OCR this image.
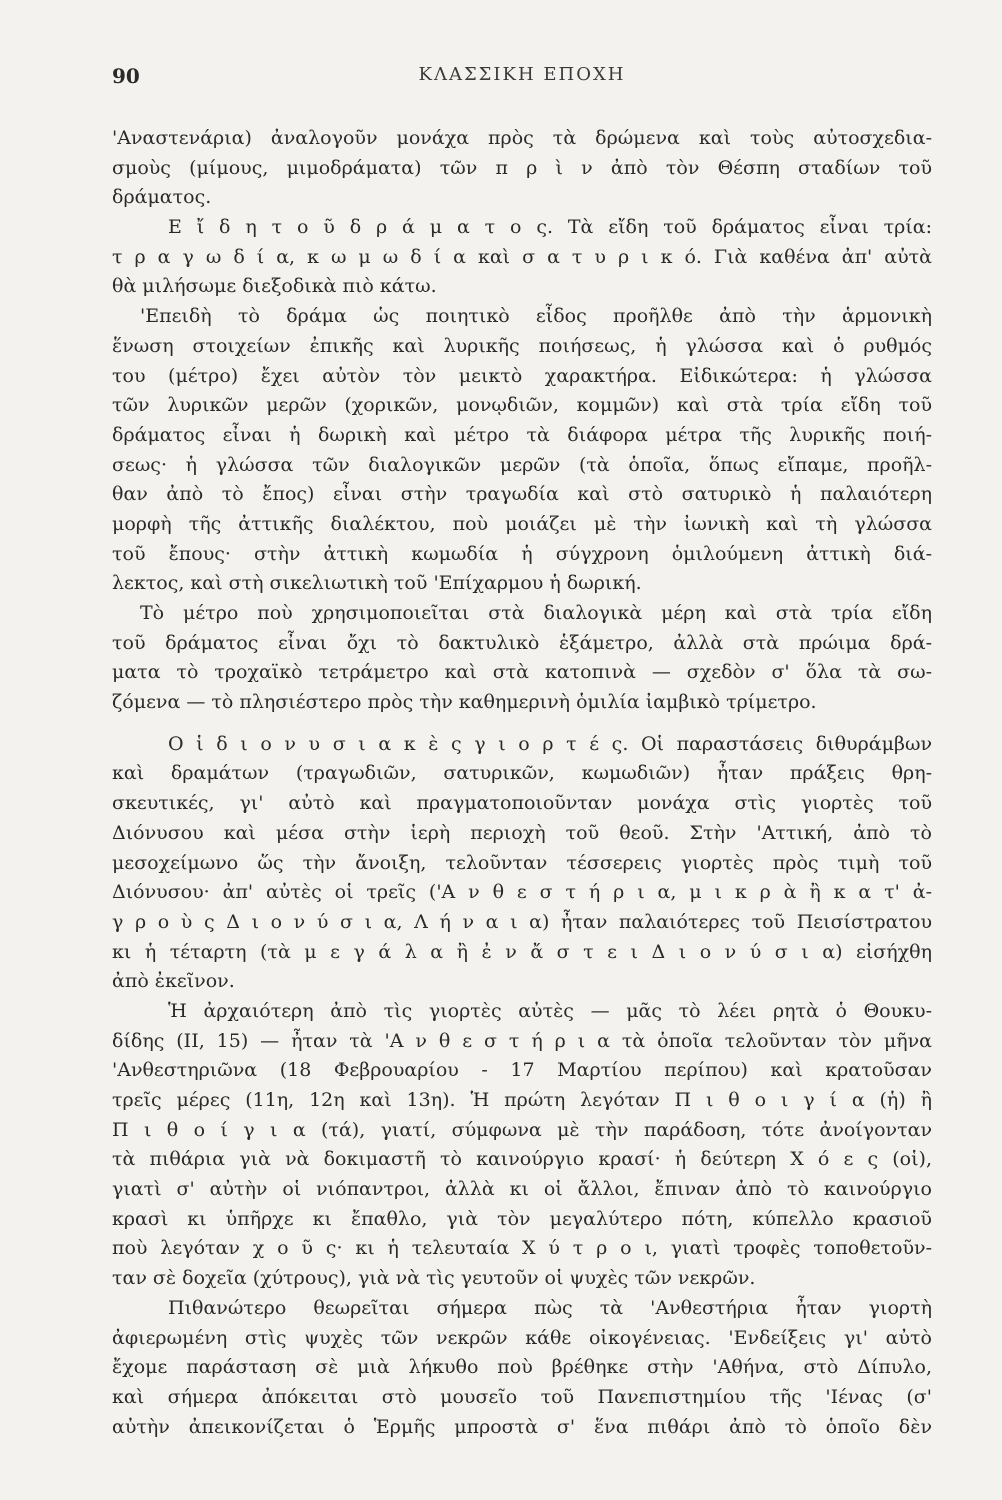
90	ΚΛΑΣΣΙΚΗ ΕΠΟΧΗ
'Αναστενάρια) ἀναλογοῦν μονάχα πρὸς τὰ δρώμενα καὶ τοὺς αὐτοσχεδια-
σμοὺς (μίμους, μιμοδράματα) τῶν π ρ ὶ ν ἀπὸ τὸν Θέσπη σταδίων τοῦ
δράματος.
Ε ἴ δ η τ ο ῦ δ ρ ά μ α τ ο ς. Τὰ εἴδη τοῦ δράματος εἶναι τρία:
τ ρ α γ ω δ ί α, κ ω μ ω δ ί α καὶ σ α τ υ ρ ι κ ό. Γιὰ καθένα ἀπ' αὐτὰ
θὰ μιλήσωμε διεξοδικὰ πιὸ κάτω.
'Επειδὴ τὸ δράμα ὡς ποιητικὸ εἶδος προῆλθε ἀπὸ τὴν ἁρμονικὴ
ἕνωση στοιχείων ἐπικῆς καὶ λυρικῆς ποιήσεως, ἡ γλώσσα καὶ ὁ ρυθμός
του (μέτρο) ἔχει αὐτὸν τὸν μεικτὸ χαρακτήρα. Εἰδικώτερα: ἡ γλώσσα
τῶν λυρικῶν μερῶν (χορικῶν, μονῳδιῶν, κομμῶν) καὶ στὰ τρία εἴδη τοῦ
δράματος εἶναι ἡ δωρικὴ καὶ μέτρο τὰ διάφορα μέτρα τῆς λυρικῆς ποιή-
σεως· ἡ γλώσσα τῶν διαλογικῶν μερῶν (τὰ ὁποῖα, ὅπως εἴπαμε, προῆλ-
θαν ἀπὸ τὸ ἔπος) εἶναι στὴν τραγωδία καὶ στὸ σατυρικὸ ἡ παλαιότερη
μορφὴ τῆς ἀττικῆς διαλέκτου, ποὺ μοιάζει μὲ τὴν ἰωνικὴ καὶ τὴ γλώσσα
τοῦ ἔπους· στὴν ἀττικὴ κωμωδία ἡ σύγχρονη ὁμιλούμενη ἀττικὴ διά-
λεκτος, καὶ στὴ σικελιωτικὴ τοῦ 'Επίχαρμου ἡ δωρική.
Τὸ μέτρο ποὺ χρησιμοποιεῖται στὰ διαλογικὰ μέρη καὶ στὰ τρία εἴδη
τοῦ δράματος εἶναι ὄχι τὸ δακτυλικὸ ἑξάμετρο, ἀλλὰ στὰ πρώιμα δρά-
ματα τὸ τροχαϊκὸ τετράμετρο καὶ στὰ κατοπινὰ — σχεδὸν σ' ὅλα τὰ σω-
ζόμενα — τὸ πλησιέστερο πρὸς τὴν καθημερινὴ ὁμιλία ἰαμβικὸ τρίμετρο.
Ο ἱ δ ι ο ν υ σ ι α κ ὲ ς γ ι ο ρ τ έ ς. Οἱ παραστάσεις διθυράμβων
καὶ δραμάτων (τραγωδιῶν, σατυρικῶν, κωμωδιῶν) ἦταν πράξεις θρη-
σκευτικές, γι' αὐτὸ καὶ πραγματοποιοῦνταν μονάχα στὶς γιορτὲς τοῦ
Διόνυσου καὶ μέσα στὴν ἱερὴ περιοχὴ τοῦ θεοῦ. Στὴν 'Αττική, ἀπὸ τὸ
μεσοχείμωνο ὥς τὴν ἄνοιξη, τελοῦνταν τέσσερεις γιορτὲς πρὸς τιμὴ τοῦ
Διόνυσου· ἀπ' αὐτὲς οἱ τρεῖς ('Α ν θ ε σ τ ή ρ ι α, μ ι κ ρ ὰ ἢ κ α τ' ἀ-
γ ρ ο ὺ ς Δ ι ο ν ύ σ ι α, Λ ή ν α ι α) ἦταν παλαιότερες τοῦ Πεισίστρατου
κι ἡ τέταρτη (τὰ μ ε γ ά λ α ἢ ἐ ν ἄ σ τ ε ι Δ ι ο ν ύ σ ι α) εἰσήχθη
ἀπὸ ἐκεῖνον.
Ἡ ἀρχαιότερη ἀπὸ τὶς γιορτὲς αὐτὲς — μᾶς τὸ λέει ρητὰ ὁ Θουκυ-
δίδης (ΙΙ, 15) — ἦταν τὰ 'Α ν θ ε σ τ ή ρ ι α τὰ ὁποῖα τελοῦνταν τὸν μῆνα
'Ανθεστηριῶνα (18 Φεβρουαρίου - 17 Μαρτίου περίπου) καὶ κρατοῦσαν
τρεῖς μέρες (11η, 12η καὶ 13η). Ἡ πρώτη λεγόταν Π ι θ ο ι γ ί α (ἡ) ἢ
Π ι θ ο ί γ ι α (τά), γιατί, σύμφωνα μὲ τὴν παράδοση, τότε ἀνοίγονταν
τὰ πιθάρια γιὰ νὰ δοκιμαστῆ τὸ καινούργιο κρασί· ἡ δεύτερη Χ ό ε ς (οἱ),
γιατὶ σ' αὐτὴν οἱ νιόπαντροι, ἀλλὰ κι οἱ ἄλλοι, ἔπιναν ἀπὸ τὸ καινούργιο
κρασὶ κι ὑπῆρχε κι ἔπαθλο, γιὰ τὸν μεγαλύτερο πότη, κύπελλο κρασιοῦ
ποὺ λεγόταν χ ο ῦ ς· κι ἡ τελευταία Χ ύ τ ρ ο ι, γιατὶ τροφὲς τοποθετοῦν-
ταν σὲ δοχεῖα (χύτρους), γιὰ νὰ τὶς γευτοῦν οἱ ψυχὲς τῶν νεκρῶν.
Πιθανώτερο θεωρεῖται σήμερα πὼς τὰ 'Ανθεστήρια ἦταν γιορτὴ
ἀφιερωμένη στὶς ψυχὲς τῶν νεκρῶν κάθε οἰκογένειας. 'Ενδείξεις γι' αὐτὸ
ἔχομε παράσταση σὲ μιὰ λήκυθο ποὺ βρέθηκε στὴν 'Αθήνα, στὸ Δίπυλο,
καὶ σήμερα ἀπόκειται στὸ μουσεῖο τοῦ Πανεπιστημίου τῆς 'Ιένας (σ'
αὐτὴν ἀπεικονίζεται ὁ Ἑρμῆς μπροστὰ σ' ἕνα πιθάρι ἀπὸ τὸ ὁποῖο δὲν
